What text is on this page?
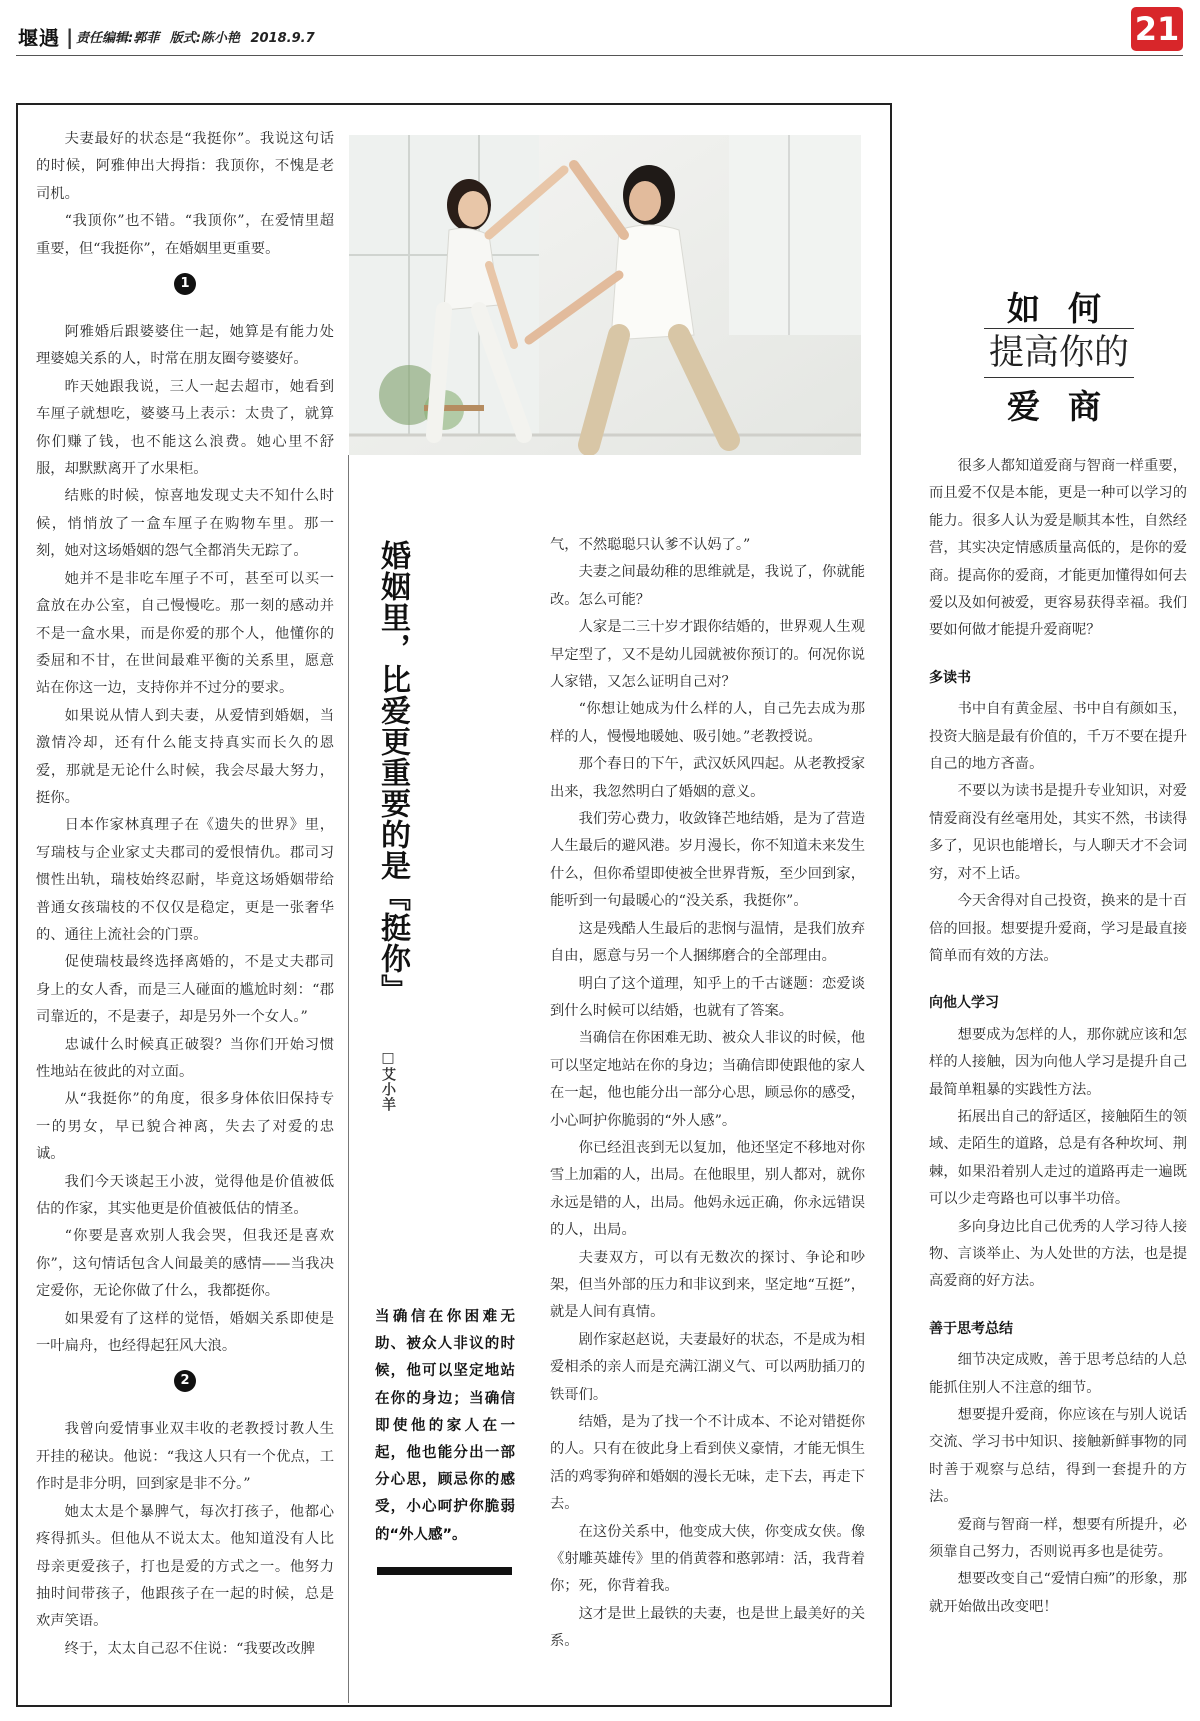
堰遇 | 责任编辑:郭菲 版式:陈小艳 2018.9.7	21

夫妻最好的状态是“我挺你”。我说这句话的时候，阿雅伸出大拇指：我顶你，不愧是老司机。

“我顶你”也不错。“我顶你”，在爱情里超重要，但“我挺你”，在婚姻里更重要。

1

阿雅婚后跟婆婆住一起，她算是有能力处理婆媳关系的人，时常在朋友圈夸婆婆好。

昨天她跟我说，三人一起去超市，她看到车厘子就想吃，婆婆马上表示：太贵了，就算你们赚了钱，也不能这么浪费。她心里不舒服，却默默离开了水果柜。

结账的时候，惊喜地发现丈夫不知什么时候，悄悄放了一盒车厘子在购物车里。那一刻，她对这场婚姻的怨气全都消失无踪了。

她并不是非吃车厘子不可，甚至可以买一盒放在办公室，自己慢慢吃。那一刻的感动并不是一盒水果，而是你爱的那个人，他懂你的委屈和不甘，在世间最难平衡的关系里，愿意站在你这一边，支持你并不过分的要求。

如果说从情人到夫妻，从爱情到婚姻，当激情冷却，还有什么能支持真实而长久的恩爱，那就是无论什么时候，我会尽最大努力，挺你。

日本作家林真理子在《遗失的世界》里，写瑞枝与企业家丈夫郡司的爱恨情仇。郡司习惯性出轨，瑞枝始终忍耐，毕竟这场婚姻带给普通女孩瑞枝的不仅仅是稳定，更是一张奢华的、通往上流社会的门票。

促使瑞枝最终选择离婚的，不是丈夫郡司身上的女人香，而是三人碰面的尴尬时刻：“郡司靠近的，不是妻子，却是另外一个女人。”

忠诚什么时候真正破裂？当你们开始习惯性地站在彼此的对立面。

从“我挺你”的角度，很多身体依旧保持专一的男女，早已貌合神离，失去了对爱的忠诚。

我们今天谈起王小波，觉得他是价值被低估的作家，其实他更是价值被低估的情圣。

“你要是喜欢别人我会哭，但我还是喜欢你”，这句情话包含人间最美的感情——当我决定爱你，无论你做了什么，我都挺你。

如果爱有了这样的觉悟，婚姻关系即使是一叶扁舟，也经得起狂风大浪。

2

我曾向爱情事业双丰收的老教授讨教人生开挂的秘诀。他说：“我这人只有一个优点，工作时是非分明，回到家是非不分。”

她太太是个暴脾气，每次打孩子，他都心疼得抓头。但他从不说太太。他知道没有人比母亲更爱孩子，打也是爱的方式之一。他努力抽时间带孩子，他跟孩子在一起的时候，总是欢声笑语。

终于，太太自己忍不住说：“我要改改脾

婚姻里，比爱更重要的是『挺你』
□艾小羊
当确信在你困难无助、被众人非议的时候，他可以坚定地站在你的身边；当确信即使他的家人在一起，他也能分出一部分心思，顾忌你的感受，小心呵护你脆弱的“外人感”。

气，不然聪聪只认爹不认妈了。”

夫妻之间最幼稚的思维就是，我说了，你就能改。怎么可能？

人家是二三十岁才跟你结婚的，世界观人生观早定型了，又不是幼儿园就被你预订的。何况你说人家错，又怎么证明自己对？

“你想让她成为什么样的人，自己先去成为那样的人，慢慢地暖她、吸引她。”老教授说。

那个春日的下午，武汉妖风四起。从老教授家出来，我忽然明白了婚姻的意义。

我们劳心费力，收敛锋芒地结婚，是为了营造人生最后的避风港。岁月漫长，你不知道未来发生什么，但你希望即使被全世界背叛，至少回到家，能听到一句最暖心的“没关系，我挺你”。

这是残酷人生最后的悲悯与温情，是我们放弃自由，愿意与另一个人捆绑磨合的全部理由。

明白了这个道理，知乎上的千古谜题：恋爱谈到什么时候可以结婚，也就有了答案。

当确信在你困难无助、被众人非议的时候，他可以坚定地站在你的身边；当确信即使跟他的家人在一起，他也能分出一部分心思，顾忌你的感受，小心呵护你脆弱的“外人感”。

你已经沮丧到无以复加，他还坚定不移地对你雪上加霜的人，出局。在他眼里，别人都对，就你永远是错的人，出局。他妈永远正确，你永远错误的人，出局。

夫妻双方，可以有无数次的探讨、争论和吵架，但当外部的压力和非议到来，坚定地“互挺”，就是人间有真情。

剧作家赵赵说，夫妻最好的状态，不是成为相爱相杀的亲人而是充满江湖义气、可以两肋插刀的铁哥们。

结婚，是为了找一个不计成本、不论对错挺你的人。只有在彼此身上看到侠义豪情，才能无惧生活的鸡零狗碎和婚姻的漫长无味，走下去，再走下去。

在这份关系中，他变成大侠，你变成女侠。像《射雕英雄传》里的俏黄蓉和憨郭靖：活，我背着你；死，你背着我。

这才是世上最铁的夫妻，也是世上最美好的关系。

如何
提高你的
爱商

很多人都知道爱商与智商一样重要，而且爱不仅是本能，更是一种可以学习的能力。很多人认为爱是顺其本性，自然经营，其实决定情感质量高低的，是你的爱商。提高你的爱商，才能更加懂得如何去爱以及如何被爱，更容易获得幸福。我们要如何做才能提升爱商呢？

多读书

书中自有黄金屋、书中自有颜如玉，投资大脑是最有价值的，千万不要在提升自己的地方吝啬。

不要以为读书是提升专业知识，对爱情爱商没有丝毫用处，其实不然，书读得多了，见识也能增长，与人聊天才不会词穷，对不上话。

今天舍得对自己投资，换来的是十百倍的回报。想要提升爱商，学习是最直接简单而有效的方法。

向他人学习

想要成为怎样的人，那你就应该和怎样的人接触，因为向他人学习是提升自己最简单粗暴的实践性方法。

拓展出自己的舒适区，接触陌生的领域、走陌生的道路，总是有各种坎坷、荆棘，如果沿着别人走过的道路再走一遍既可以少走弯路也可以事半功倍。

多向身边比自己优秀的人学习待人接物、言谈举止、为人处世的方法，也是提高爱商的好方法。

善于思考总结

细节决定成败，善于思考总结的人总能抓住别人不注意的细节。

想要提升爱商，你应该在与别人说话交流、学习书中知识、接触新鲜事物的同时善于观察与总结，得到一套提升的方法。

爱商与智商一样，想要有所提升，必须靠自己努力，否则说再多也是徒劳。

想要改变自己“爱情白痴”的形象，那就开始做出改变吧！
